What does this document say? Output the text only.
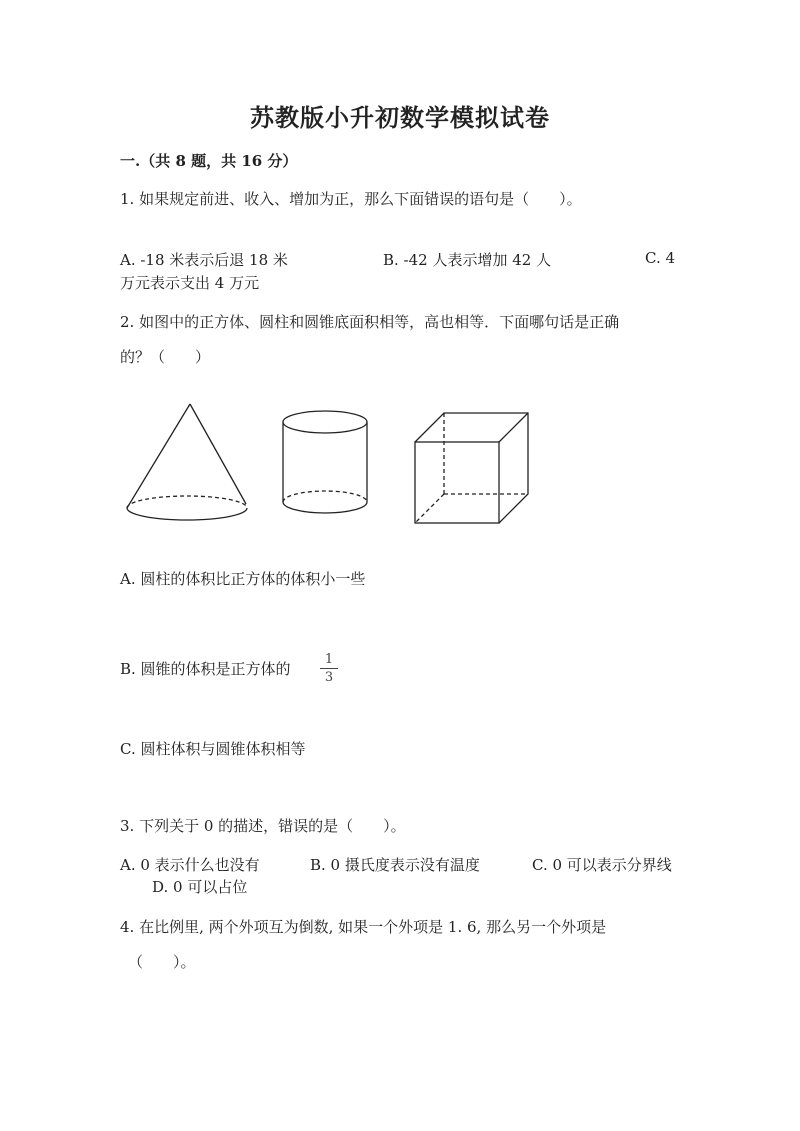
苏教版小升初数学模拟试卷
一.（共 8 题，共 16 分）
1. 如果规定前进、收入、增加为正，那么下面错误的语句是（　　）。
A. -18 米表示后退 18 米	B. -42 人表示增加 42 人	C. 4
万元表示支出 4 万元
2. 如图中的正方体、圆柱和圆锥底面积相等，高也相等．下面哪句话是正确
的？（　　）
A. 圆柱的体积比正方体的体积小一些
B. 圆锥的体积是正方体的
1
3
C. 圆柱体积与圆锥体积相等
3. 下列关于 0 的描述，错误的是（　　）。
A. 0 表示什么也没有	B. 0 摄氏度表示没有温度	C. 0 可以表示分界线
D. 0 可以占位
4. 在比例里, 两个外项互为倒数, 如果一个外项是 1. 6, 那么另一个外项是
（　　）。
